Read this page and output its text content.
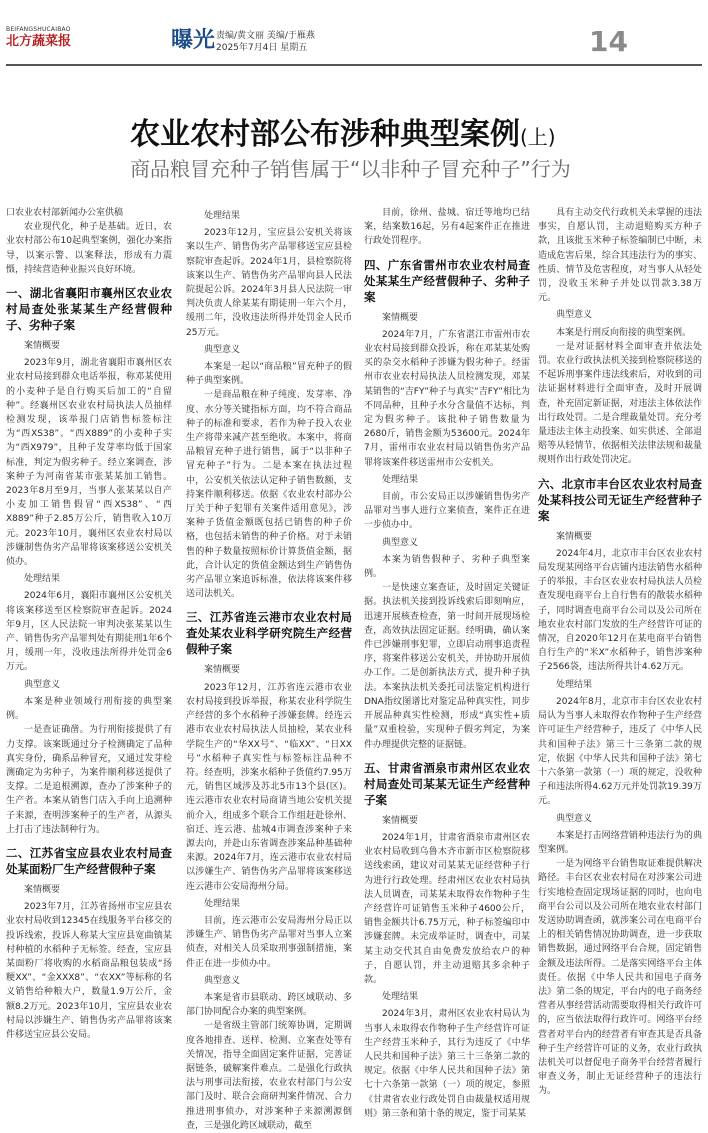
BEIFANGSHUCAIBAO
北方蔬菜报	曝光 责编/黄文丽 美编/于雁燕
2025年7月4日 星期五	14
农业农村部公布涉种典型案例(上)
商品粮冒充种子销售属于“以非种子冒充种子”行为

口农业农村部新闻办公室供稿

农业现代化，种子是基础。近日，农业农村部公布10起典型案例，强化办案指导，以案示警、以案释法，形成有力震慑，持续营造种业振兴良好环境。

一、湖北省襄阳市襄州区农业农村局查处张某某生产经营假种子、劣种子案

案情概要

2023年9月，湖北省襄阳市襄州区农业农村局接到群众电话举报，称邓某使用的小麦种子是自行购买后加工的“自留种”。经襄州区农业农村局执法人员抽样检测发现，该举报门店销售标签标注为“西XS38”、“西X889”的小麦种子实为“西X979”，且种子发芽率均低于国家标准，判定为假劣种子。经立案调查，涉案种子为河南省某市张某某加工销售。2023年8月至9月，当事人张某某以自产小麦加工销售假冒“西XS38”、“西X889”种子2.85万公斤，销售收入10万元。2023年10月，襄州区农业农村局以涉嫌制售伪劣产品罪将该案移送公安机关侦办。

处理结果

2024年6月，襄阳市襄州区公安机关将该案移送至区检察院审查起诉。2024年9月，区人民法院一审判决张某某以生产、销售伪劣产品罪判处有期徒刑1年6个月，缓刑一年，没收违法所得并处罚金6万元。

典型意义

本案是种业领域行刑衔接的典型案例。

一是查证确凿。为行刑衔接提供了有力支撑。该案既通过分子检测确定了品种真实身份，确系品种冒充，又通过发芽检测确定为劣种子，为案件顺利移送提供了支撑。二是追根溯源，查办了涉案种子的生产者。本案从销售门店入手向上追溯种子来源，查明涉案种子的生产者，从源头上打击了违法制种行为。

二、江苏省宝应县农业农村局查处某面粉厂生产经营假种子案

案情概要

2023年7月，江苏省扬州市宝应县农业农村局收到12345在线服务平台移交的投诉线索，投诉人称某大宝应县宽曲镇某村种植的水稻种子无标签。经查，宝应县某面粉厂将收购的水稻商品粮包装成“扬粳XX”、“金XXX8”、“农XX”等标称的名义销售给种粮大户，数量1.9万公斤，金额8.2万元。2023年10月，宝应县农业农村局以涉嫌生产、销售伪劣产品罪将该案件移送宝应县公安局。

处理结果

2023年12月，宝应县公安机关将该案以生产、销售伪劣产品罪移送宝应县检察院审查起诉。2024年1月，县检察院将该案以生产、销售伪劣产品罪向县人民法院提起公诉。2024年3月县人民法院一审判决负责人徐某某有期徒刑一年六个月，缓刑二年，没收违法所得并处罚金人民币25万元。

典型意义

本案是一起以“商品粮”冒充种子的假种子典型案例。

一是商品粮在种子纯度、发芽率、净度、水分等关键指标方面，均不符合商品种子的标准和要求，若作为种子投入农业生产将带来减产甚至绝收。本案中，将商品粮冒充种子进行销售，属于“以非种子冒充种子”行为。二是本案在执法过程中，公安机关依法认定种子销售数额，支持案件顺利移送。依据《农业农村部办公厅关于种子犯罪有关案件适用意见》，涉案种子货值金额既包括已销售的种子价格，也包括未销售的种子价格。对于未销售的种子数量按照标价计算货值金额，据此，合计认定的货值金额达到生产销售伪劣产品罪立案追诉标准，依法将该案件移送司法机关。

三、江苏省连云港市农业农村局查处某农业科学研究院生产经营假种子案

案情概要

2023年12月，江苏省连云港市农业农村局接到投诉举报，称某农业科学院生产经营的多个水稻种子涉嫌套牌。经连云港市农业农村局执法人员抽检，某农业科学院生产的“华XX号”、“临XX”、“日XX号”水稻种子真实性与标签标注品种不符。经查明，涉案水稻种子货值约7.95万元，销售区域涉及苏北5市13个县(区)。连云港市农业农村局商请当地公安机关提前介入，组成多个联合工作组赶赴徐州、宿迁、连云港、盐城4市调查涉案种子来源去向，并赴山东省调查涉案品种基础种来源。2024年7月，连云港市农业农村局以涉嫌生产、销售伪劣产品罪将该案移送连云港市公安局海州分局。

处理结果

目前，连云港市公安局海州分局正以涉嫌生产、销售伪劣产品罪对当事人立案侦查，对相关人员采取刑事强制措施，案件正在进一步侦办中。

典型意义

本案是省市县联动、跨区域联动、多部门协同配合办案的典型案例。

一是省级主管部门统筹协调，定期调度各地排查、送样、检测、立案查处等有关情况，指导全面固定案件证据，完善证据链条，破解案件难点。二是强化行政执法与刑事司法衔接，农业农村部门与公安部门及时、联合会商研判案件情况、合力推进刑事侦办，对涉案种子来源溯源倒查，三是强化跨区域联动，截至

目前，徐州、盐城、宿迁等地均已结案，结案数16起，另有4起案件正在推进行政处罚程序。

四、广东省雷州市农业农村局查处某某生产经营假种子、劣种子案

案情概要

2024年7月，广东省湛江市雷州市农业农村局接到群众投诉，称在邓某某处购买的杂交水稻种子涉嫌为假劣种子。经雷州市农业农村局执法人员检测发现，邓某某销售的“吉FY”种子与真实“吉FY”相比为不同品种，且种子水分含量值不达标，判定为假劣种子。该批种子销售数量为2680斤，销售金额为53600元。2024年7月，雷州市农业农村局以销售伪劣产品罪将该案件移送雷州市公安机关。

处理结果

目前，市公安局正以涉嫌销售伪劣产品罪对当事人进行立案侦查，案件正在进一步侦办中。

典型意义

本案为销售假种子、劣种子典型案例。

一是快速立案查证，及时固定关键证据。执法机关接到投诉线索后即刻响应，迅速开展核查检查，第一时间开展现场检查，高效执法固定证据。经明确，确认案件已涉嫌刑事犯罪，立即启动刑事追责程序，将案件移送公安机关，并协助开展侦办工作。二是创新执法方式，提升种子执法。本案执法机关委托司法鉴定机构进行DNA指纹图谱比对鉴定品种真实性，同步开展品种真实性检测，形成“真实性+质量”双重检验，实现种子假劣判定，为案件办理提供完整的证据链。

五、甘肃省酒泉市肃州区农业农村局查处司某某无证生产经营种子案

案情概要

2024年1月，甘肃省酒泉市肃州区农业农村局收到乌鲁木齐市新市区检察院移送线索函，建议对司某某无证经营种子行为进行行政处理。经肃州区农业农村局执法人员调查，司某某未取得农作物种子生产经营许可证销售玉米种子4600公斤，销售金额共计6.75万元，种子标签编印中涉嫌套牌。未完成举证时，调查中，司某某主动交代其自由免费发放给农户的种子，自愿认罚，并主动退赔其多余种子款。

处理结果

2024年3月，肃州区农业农村局认为当事人未取得农作物种子生产经营许可证生产经营玉米种子，其行为违反了《中华人民共和国种子法》第三十三条第二款的规定。依据《中华人民共和国种子法》第七十六条第一款第（一）项的规定，参照《甘肃省农业行政处罚自由裁量权适用规则》第三条和第十条的规定，鉴于司某某

具有主动交代行政机关未掌握的违法事实，自愿认罚，主动退赔购买方种子款，且该批玉米种子标签编制已中断，未造成危害后果，综合其违法行为的事实、性质、情节及危害程度，对当事人从轻处罚，没收玉米种子并处以罚款3.38万元。

典型意义

本案是行刑反向衔接的典型案例。

一是对证据材料全面审查并依法处罚。农业行政执法机关接到检察院移送的不起诉刑事案件违法线索后，对收到的司法证据材料进行全面审查，及时开展调查，补充固定新证据，对违法主体依法作出行政处罚。二是合理裁量处罚。充分考量违法主体主动投案、如实供述、全部退赔等从轻情节，依据相关法律法规和裁量规则作出行政处罚决定。

六、北京市丰台区农业农村局查处某科技公司无证生产经营种子案

案情概要

2024年4月，北京市丰台区农业农村局发现某网络平台店铺内违法销售水稻种子的举报，丰台区农业农村局执法人员检查发现电商平台上自行售有的散装水稻种子，同时调查电商平台公司以及公司所在地农业农村部门发放的生产经营许可证的情况，自2020年12月在某电商平台销售自行生产的“米X”水稻种子，销售涉案种子2566袋，违法所得共计4.62万元。

处理结果

2024年8月，北京市丰台区农业农村局认为当事人未取得农作物种子生产经营许可证生产经营种子，违反了《中华人民共和国种子法》第三十三条第二款的规定，依据《中华人民共和国种子法》第七十六条第一款第（一）项的规定，没收种子和违法所得4.62万元并处罚款19.39万元。

典型意义

本案是打击网络营销种违法行为的典型案例。

一是为网络平台销售取证难提供解决路径。丰台区农业农村局在对涉案公司进行实地检查固定现场证据的同时，也向电商平台公司以及公司所在地农业农村部门发送协助调查函，就涉案公司在电商平台上的相关销售情况协助调查，进一步获取销售数据，通过网络平台合规，固定销售金额及违法所得。二是落实网络平台主体责任。依据《中华人民共和国电子商务法》第二条的规定，平台内的电子商务经营者从事经营活动需要取得相关行政许可的，应当依法取得行政许可。网络平台经营者对平台内的经营者有审查其是否具备种子生产经营许可证的义务，农业行政执法机关可以督促电子商务平台经营者履行审查义务，制止无证经营种子的违法行为。
